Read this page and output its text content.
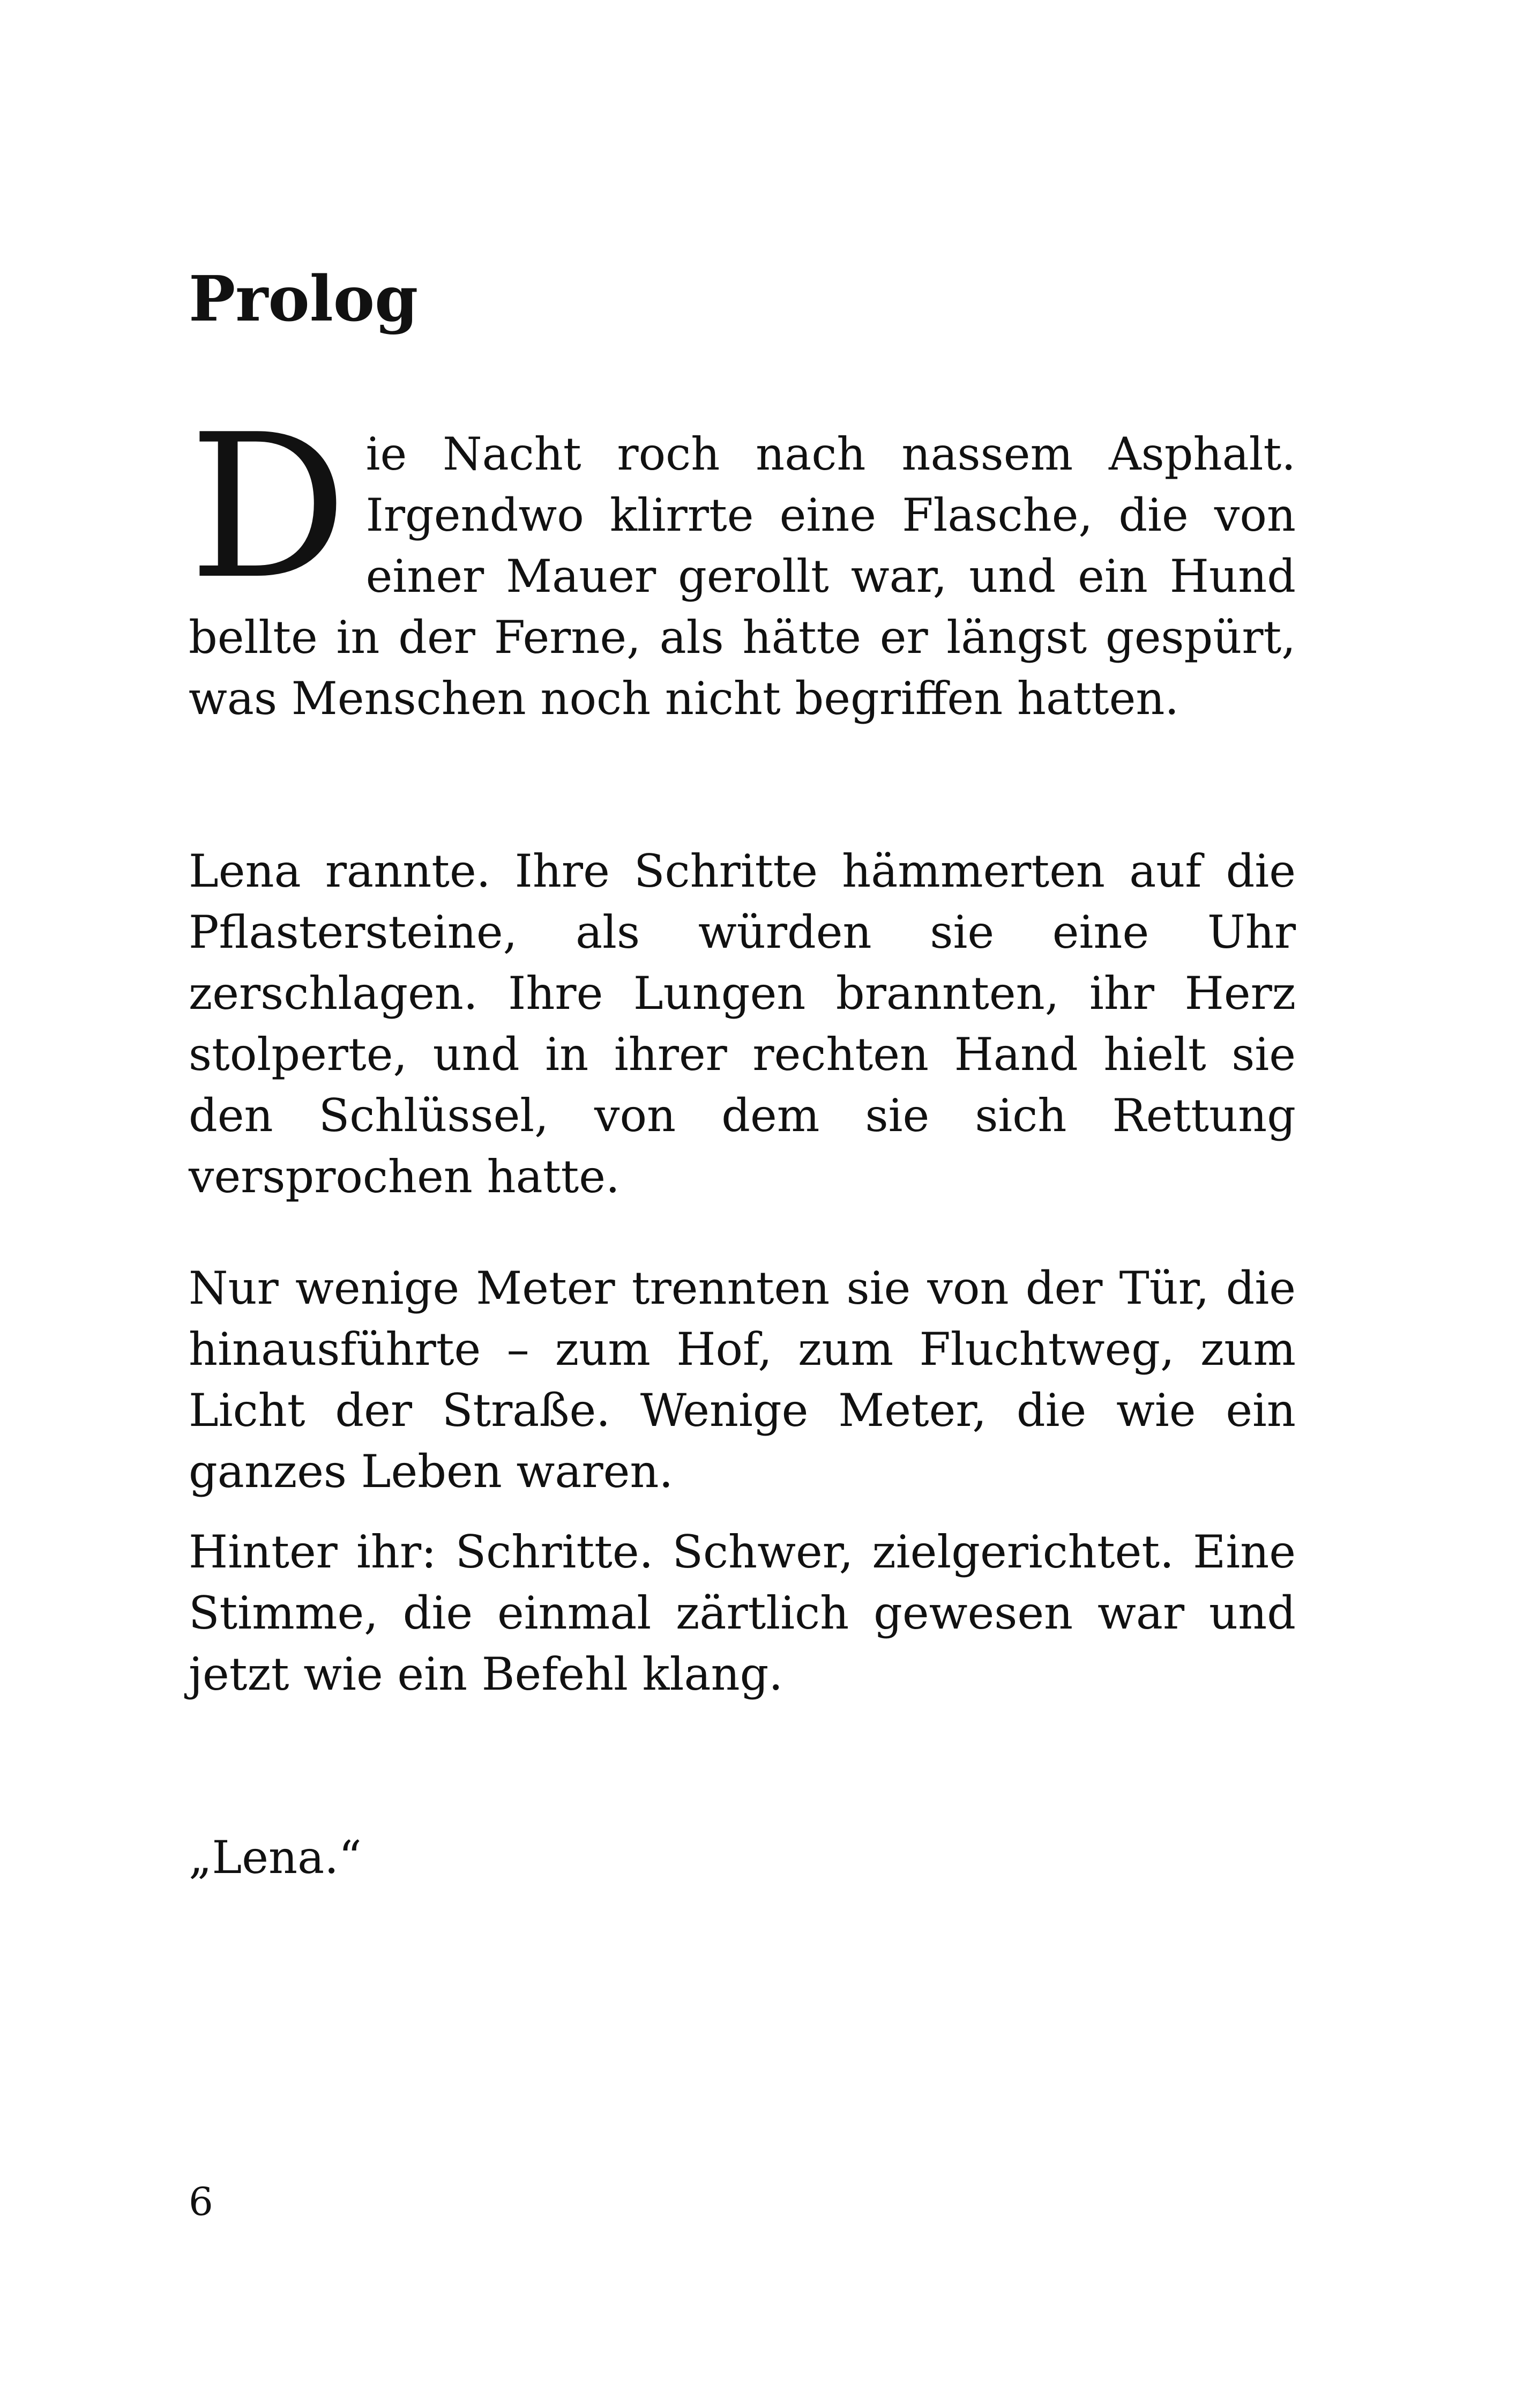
Prolog

Die Nacht roch nach nassem Asphalt. Irgendwo klirrte eine Flasche, die von einer Mauer gerollt war, und ein Hund bellte in der Ferne, als hätte er längst gespürt, was Menschen noch nicht begriffen hatten.

Lena rannte. Ihre Schritte hämmerten auf die Pflastersteine, als würden sie eine Uhr zerschlagen. Ihre Lungen brannten, ihr Herz stolperte, und in ihrer rechten Hand hielt sie den Schlüssel, von dem sie sich Rettung versprochen hatte.

Nur wenige Meter trennten sie von der Tür, die hinausführte – zum Hof, zum Fluchtweg, zum Licht der Straße. Wenige Meter, die wie ein ganzes Leben waren.

Hinter ihr: Schritte. Schwer, zielgerichtet. Eine Stimme, die einmal zärtlich gewesen war und jetzt wie ein Befehl klang.

„Lena.“

6
